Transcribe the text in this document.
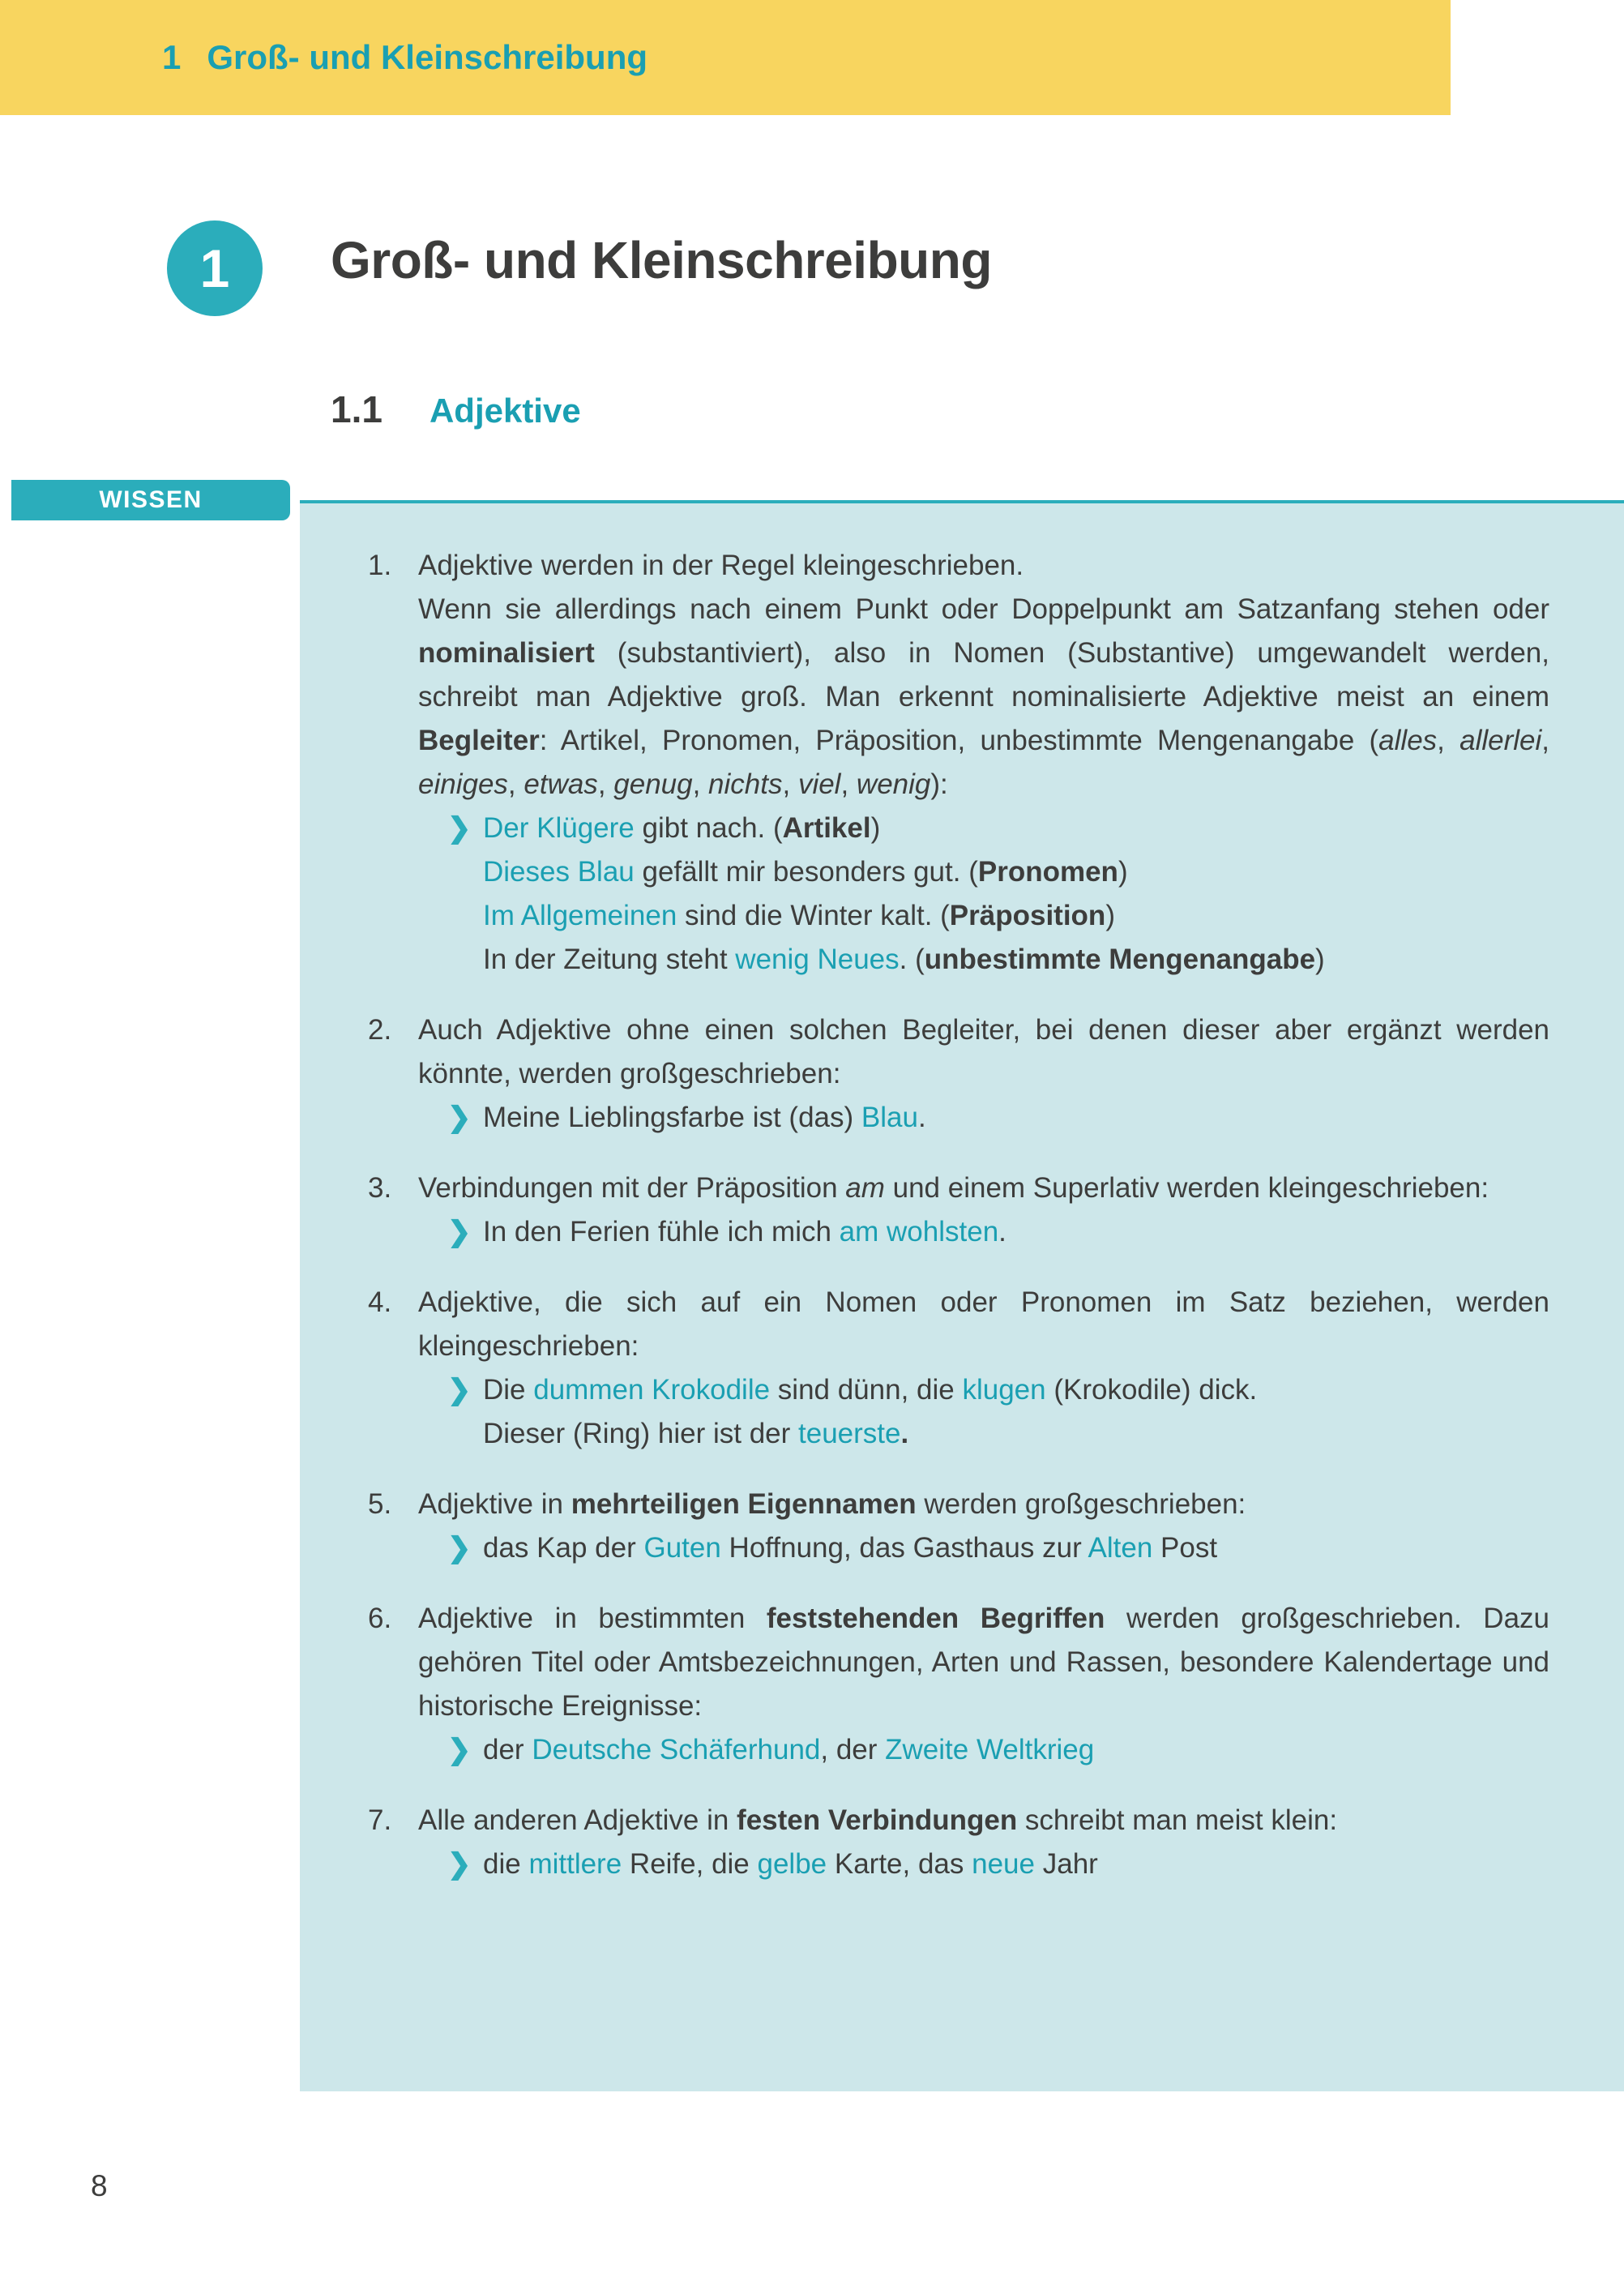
1 Groß- und Kleinschreibung
1	Groß- und Kleinschreibung
1.1 Adjektive
WISSEN
1. Adjektive werden in der Regel kleingeschrieben.

Wenn sie allerdings nach einem Punkt oder Doppelpunkt am Satzanfang stehen oder nominalisiert (substantiviert), also in Nomen (Substantive) umgewandelt werden, schreibt man Adjektive groß. Man erkennt nominalisierte Adjektive meist an einem Begleiter: Artikel, Pronomen, Präposition, unbestimmte Mengenangabe (alles, allerlei, einiges, etwas, genug, nichts, viel, wenig):

❯ Der Klügere gibt nach. (Artikel)

Dieses Blau gefällt mir besonders gut. (Pronomen)

Im Allgemeinen sind die Winter kalt. (Präposition)

In der Zeitung steht wenig Neues. (unbestimmte Mengenangabe)

2. Auch Adjektive ohne einen solchen Begleiter, bei denen dieser aber ergänzt werden könnte, werden großgeschrieben:

❯ Meine Lieblingsfarbe ist (das) Blau.

3. Verbindungen mit der Präposition am und einem Superlativ werden kleingeschrieben:

❯ In den Ferien fühle ich mich am wohlsten.

4. Adjektive, die sich auf ein Nomen oder Pronomen im Satz beziehen, werden kleingeschrieben:

❯ Die dummen Krokodile sind dünn, die klugen (Krokodile) dick.

Dieser (Ring) hier ist der teuerste.

5. Adjektive in mehrteiligen Eigennamen werden großgeschrieben:

❯ das Kap der Guten Hoffnung, das Gasthaus zur Alten Post

6. Adjektive in bestimmten feststehenden Begriffen werden großgeschrieben. Dazu gehören Titel oder Amtsbezeichnungen, Arten und Rassen, besondere Kalendertage und historische Ereignisse:

❯ der Deutsche Schäferhund, der Zweite Weltkrieg

7. Alle anderen Adjektive in festen Verbindungen schreibt man meist klein:

❯ die mittlere Reife, die gelbe Karte, das neue Jahr

8
